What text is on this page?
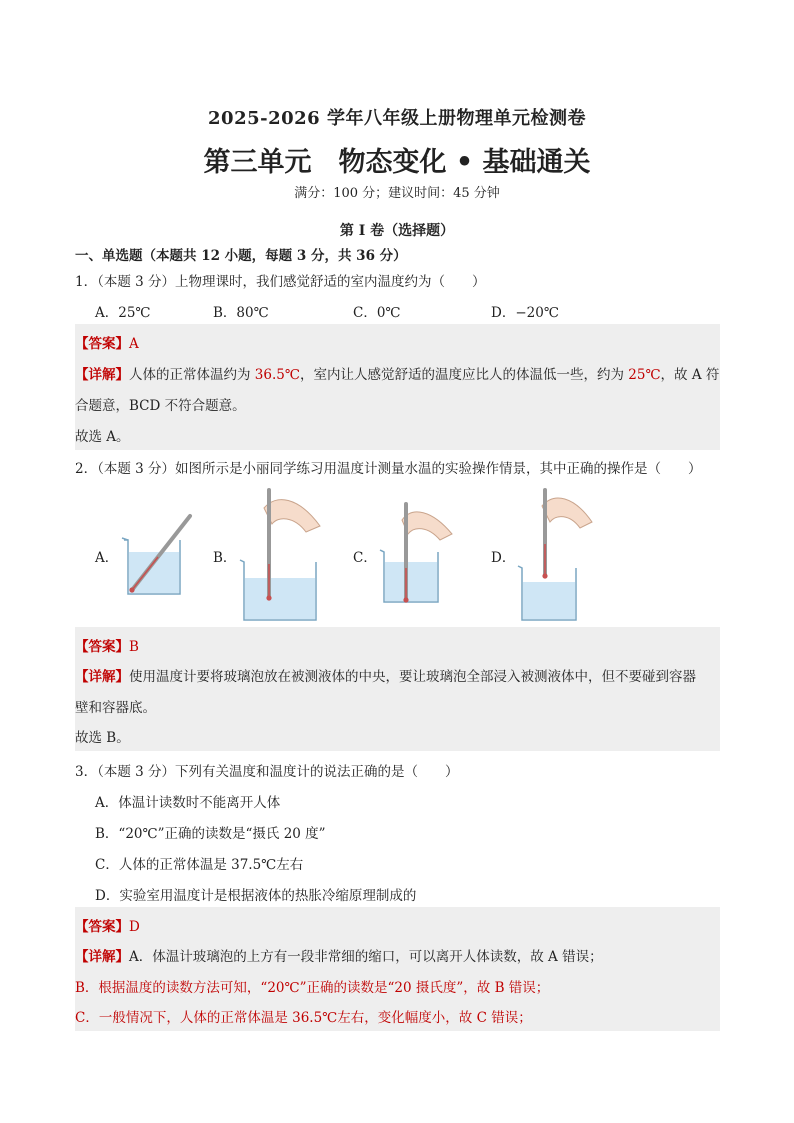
2025-2026 学年八年级上册物理单元检测卷
第三单元　物态变化 • 基础通关
满分：100 分；建议时间：45 分钟
第 I 卷（选择题）
一、单选题（本题共 12 小题，每题 3 分，共 36 分）
1．（本题 3 分）上物理课时，我们感觉舒适的室内温度约为（　　）
A．25℃	B．80℃	C．0℃	D．−20℃
【答案】A
【详解】人体的正常体温约为 36.5℃，室内让人感觉舒适的温度应比人的体温低一些，约为 25℃，故 A 符
合题意，BCD 不符合题意。
故选 A。
2．（本题 3 分）如图所示是小丽同学练习用温度计测量水温的实验操作情景，其中正确的操作是（　　）
A．	B．	C．	D．
【答案】B
【详解】使用温度计要将玻璃泡放在被测液体的中央，要让玻璃泡全部浸入被测液体中，但不要碰到容器
壁和容器底。
故选 B。
3．（本题 3 分）下列有关温度和温度计的说法正确的是（　　）
A．体温计读数时不能离开人体
B．“20℃”正确的读数是“摄氏 20 度”
C．人体的正常体温是 37.5℃左右
D．实验室用温度计是根据液体的热胀冷缩原理制成的
【答案】D
【详解】A．体温计玻璃泡的上方有一段非常细的缩口，可以离开人体读数，故 A 错误；
B．根据温度的读数方法可知，“20℃”正确的读数是“20 摄氏度”，故 B 错误；
C．一般情况下，人体的正常体温是 36.5℃左右，变化幅度小，故 C 错误；
